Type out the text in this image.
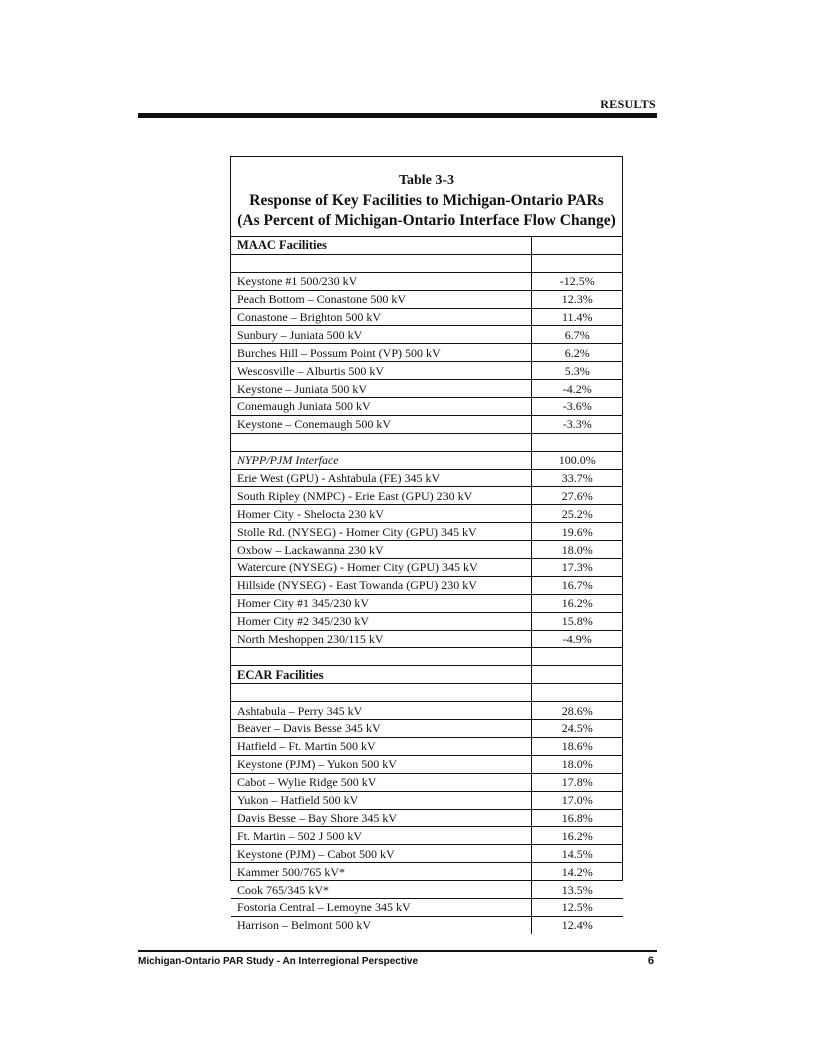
RESULTS
Table 3-3
Response of Key Facilities to Michigan-Ontario PARs
(As Percent of Michigan-Ontario Interface Flow Change)
MAAC Facilities	

Keystone #1 500/230 kV	-12.5%
Peach Bottom – Conastone 500 kV	12.3%
Conastone – Brighton 500 kV	11.4%
Sunbury – Juniata 500 kV	6.7%
Burches Hill – Possum Point (VP) 500 kV	6.2%
Wescosville – Alburtis 500 kV	5.3%
Keystone – Juniata 500 kV	-4.2%
Conemaugh Juniata 500 kV	-3.6%
Keystone – Conemaugh 500 kV	-3.3%

NYPP/PJM Interface	100.0%
Erie West (GPU) - Ashtabula (FE) 345 kV	33.7%
South Ripley (NMPC) - Erie East (GPU) 230 kV	27.6%
Homer City - Shelocta 230 kV	25.2%
Stolle Rd. (NYSEG) - Homer City (GPU) 345 kV	19.6%
Oxbow – Lackawanna 230 kV	18.0%
Watercure (NYSEG) - Homer City (GPU) 345 kV	17.3%
Hillside (NYSEG) - East Towanda (GPU) 230 kV	16.7%
Homer City #1 345/230 kV	16.2%
Homer City #2 345/230 kV	15.8%
North Meshoppen 230/115 kV	-4.9%

ECAR Facilities	

Ashtabula – Perry 345 kV	28.6%
Beaver – Davis Besse 345 kV	24.5%
Hatfield – Ft. Martin 500 kV	18.6%
Keystone (PJM) – Yukon 500 kV	18.0%
Cabot – Wylie Ridge 500 kV	17.8%
Yukon – Hatfield 500 kV	17.0%
Davis Besse – Bay Shore 345 kV	16.8%
Ft. Martin – 502 J 500 kV	16.2%
Keystone (PJM) – Cabot 500 kV	14.5%
Kammer 500/765 kV*	14.2%
Cook 765/345 kV*	13.5%
Fostoria Central – Lemoyne 345 kV	12.5%
Harrison – Belmont 500 kV	12.4%
Michigan-Ontario PAR Study - An Interregional Perspective	6
